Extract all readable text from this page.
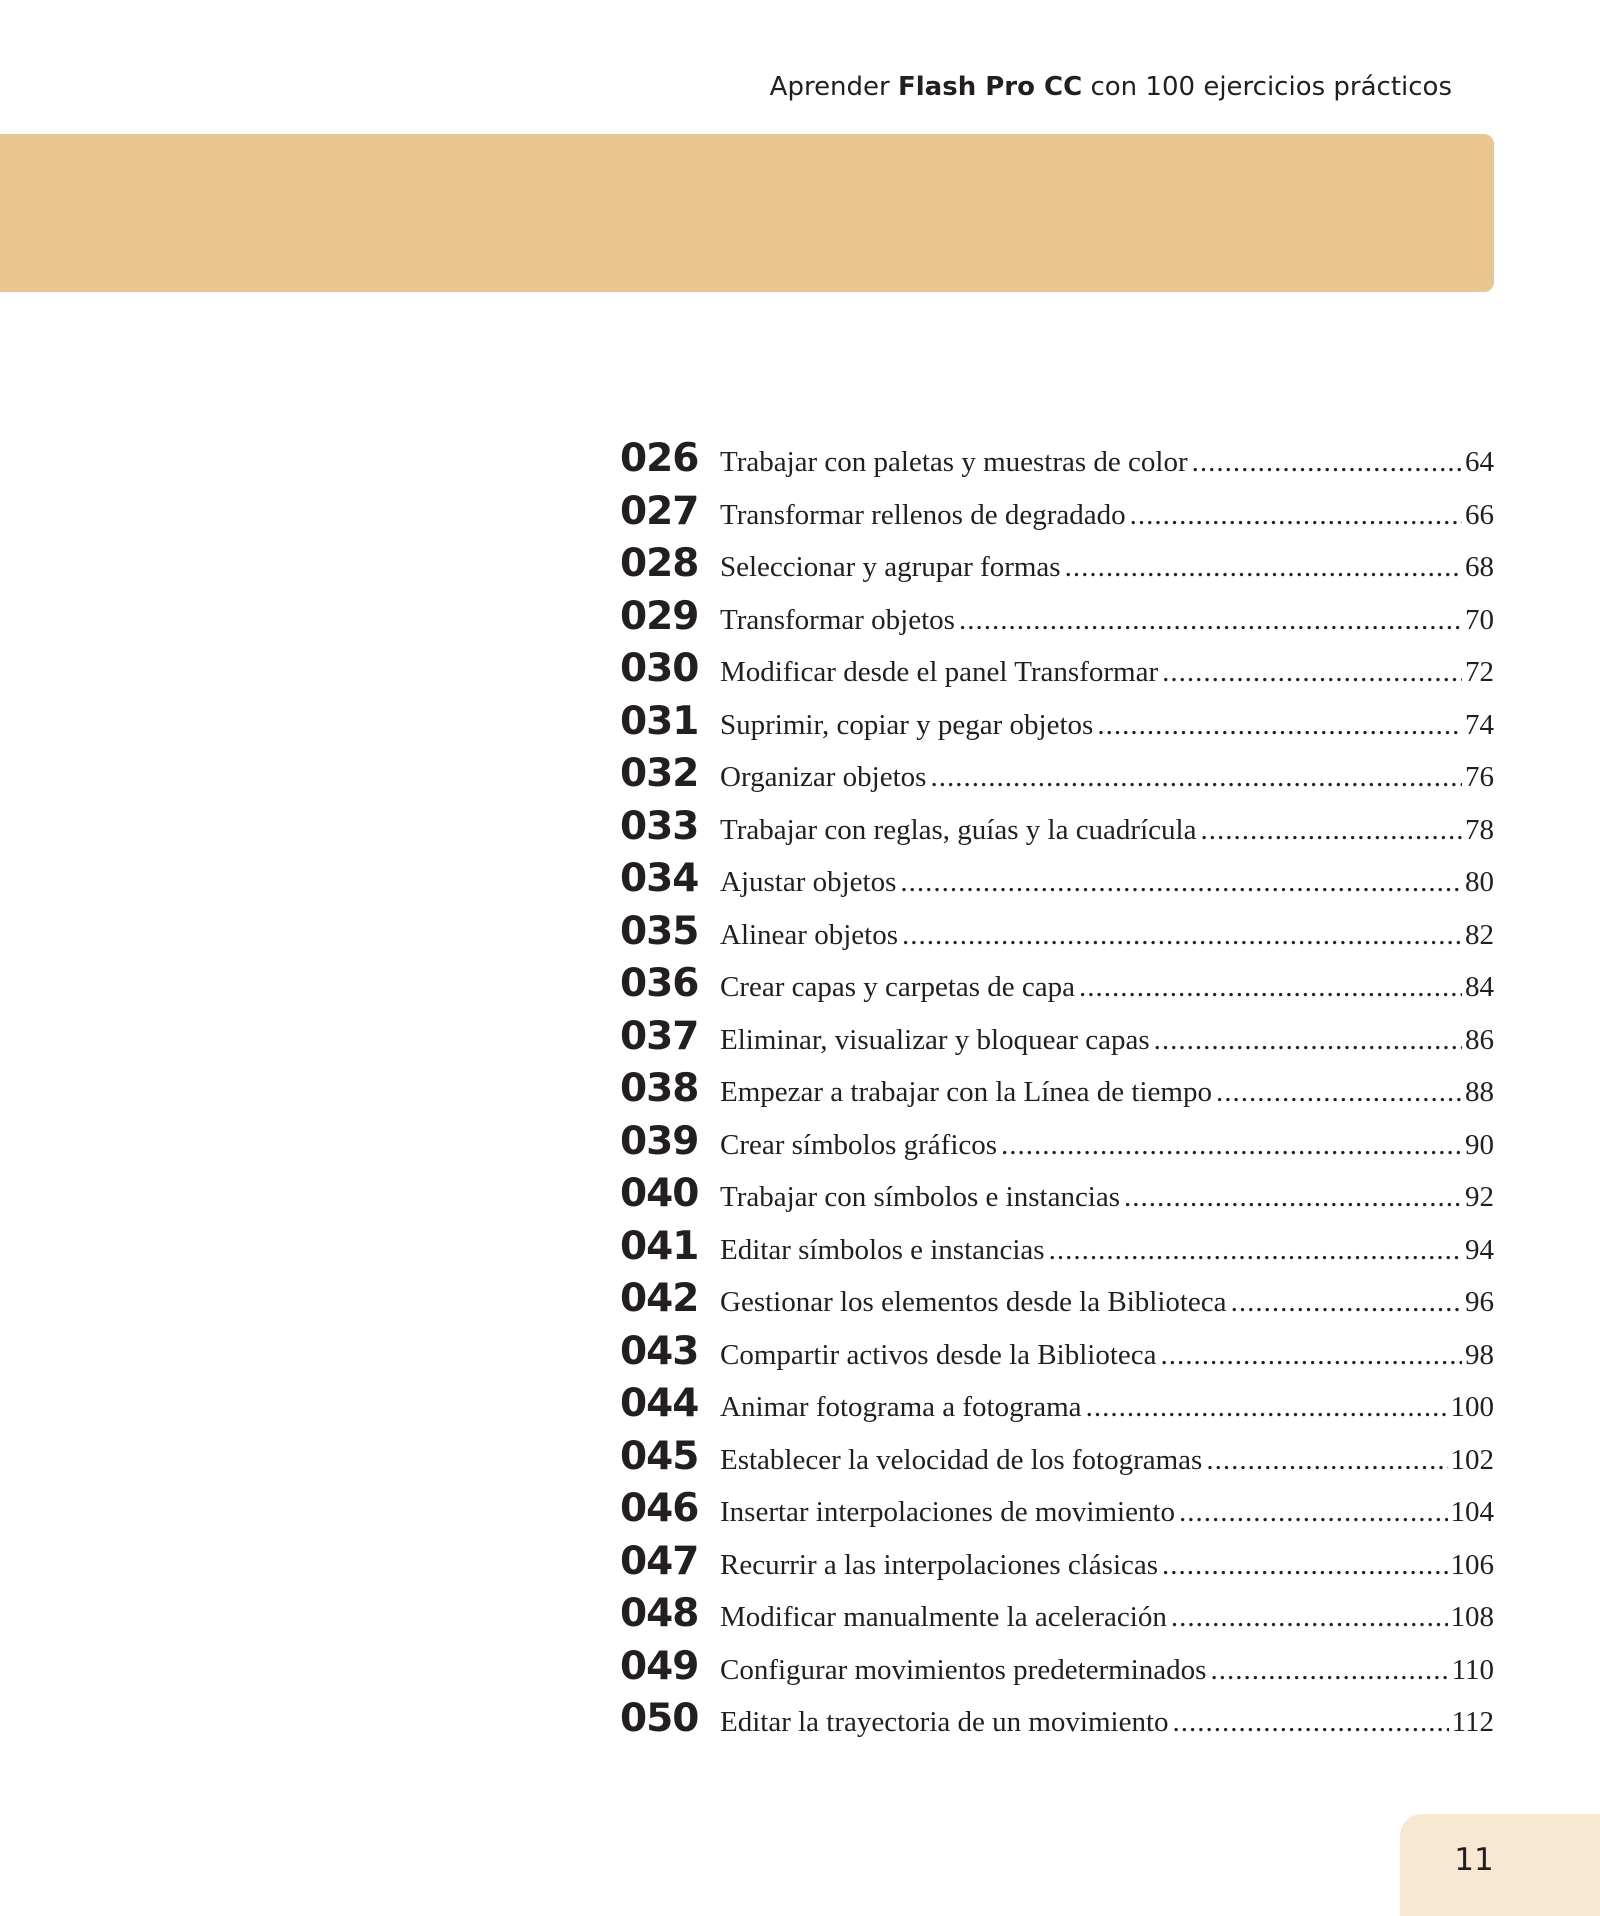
Aprender Flash Pro CC con 100 ejercicios prácticos
026 Trabajar con paletas y muestras de color .....	64
027 Transformar rellenos de degradado .....	66
028 Seleccionar y agrupar formas .....	68
029 Transformar objetos .....	70
030 Modificar desde el panel Transformar .....	72
031 Suprimir, copiar y pegar objetos .....	74
032 Organizar objetos .....	76
033 Trabajar con reglas, guías y la cuadrícula .....	78
034 Ajustar objetos .....	80
035 Alinear objetos .....	82
036 Crear capas y carpetas de capa .....	84
037 Eliminar, visualizar y bloquear capas .....	86
038 Empezar a trabajar con la Línea de tiempo .....	88
039 Crear símbolos gráficos .....	90
040 Trabajar con símbolos e instancias .....	92
041 Editar símbolos e instancias .....	94
042 Gestionar los elementos desde la Biblioteca .....	96
043 Compartir activos desde la Biblioteca .....	98
044 Animar fotograma a fotograma .....	100
045 Establecer la velocidad de los fotogramas .....	102
046 Insertar interpolaciones de movimiento .....	104
047 Recurrir a las interpolaciones clásicas .....	106
048 Modificar manualmente la aceleración .....	108
049 Configurar movimientos predeterminados .....	110
050 Editar la trayectoria de un movimiento .....	112
11
